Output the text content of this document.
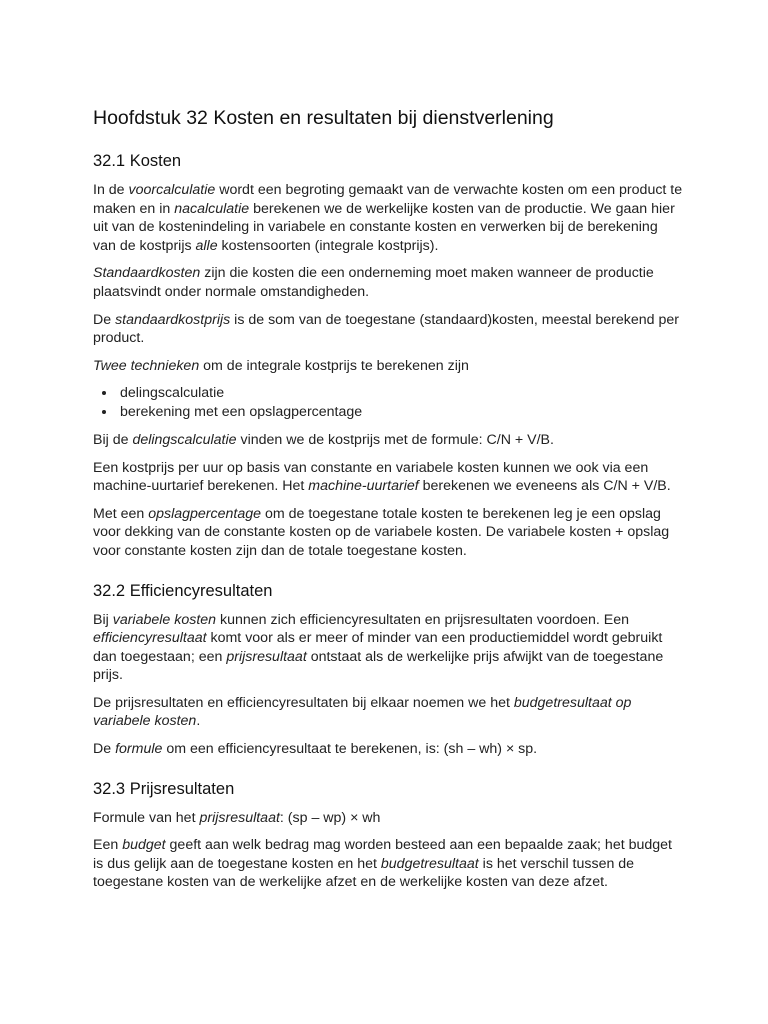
Hoofdstuk 32 Kosten en resultaten bij dienstverlening
32.1 Kosten

In de voorcalculatie wordt een begroting gemaakt van de verwachte kosten om een product te maken en in nacalculatie berekenen we de werkelijke kosten van de productie. We gaan hier uit van de kostenindeling in variabele en constante kosten en verwerken bij de berekening van de kostprijs alle kostensoorten (integrale kostprijs).

Standaardkosten zijn die kosten die een onderneming moet maken wanneer de productie plaatsvindt onder normale omstandigheden.

De standaardkostprijs is de som van de toegestane (standaard)kosten, meestal berekend per product.

Twee technieken om de integrale kostprijs te berekenen zijn

• delingscalculatie
• berekening met een opslagpercentage

Bij de delingscalculatie vinden we de kostprijs met de formule: C/N + V/B.

Een kostprijs per uur op basis van constante en variabele kosten kunnen we ook via een machine-uurtarief berekenen. Het machine-uurtarief berekenen we eveneens als C/N + V/B.

Met een opslagpercentage om de toegestane totale kosten te berekenen leg je een opslag voor dekking van de constante kosten op de variabele kosten. De variabele kosten + opslag voor constante kosten zijn dan de totale toegestane kosten.

32.2 Efficiencyresultaten

Bij variabele kosten kunnen zich efficiencyresultaten en prijsresultaten voordoen. Een efficiencyresultaat komt voor als er meer of minder van een productiemiddel wordt gebruikt dan toegestaan; een prijsresultaat ontstaat als de werkelijke prijs afwijkt van de toegestane prijs.

De prijsresultaten en efficiencyresultaten bij elkaar noemen we het budgetresultaat op variabele kosten.

De formule om een efficiencyresultaat te berekenen, is: (sh – wh) × sp.

32.3 Prijsresultaten

Formule van het prijsresultaat: (sp – wp) × wh

Een budget geeft aan welk bedrag mag worden besteed aan een bepaalde zaak; het budget is dus gelijk aan de toegestane kosten en het budgetresultaat is het verschil tussen de toegestane kosten van de werkelijke afzet en de werkelijke kosten van deze afzet.
